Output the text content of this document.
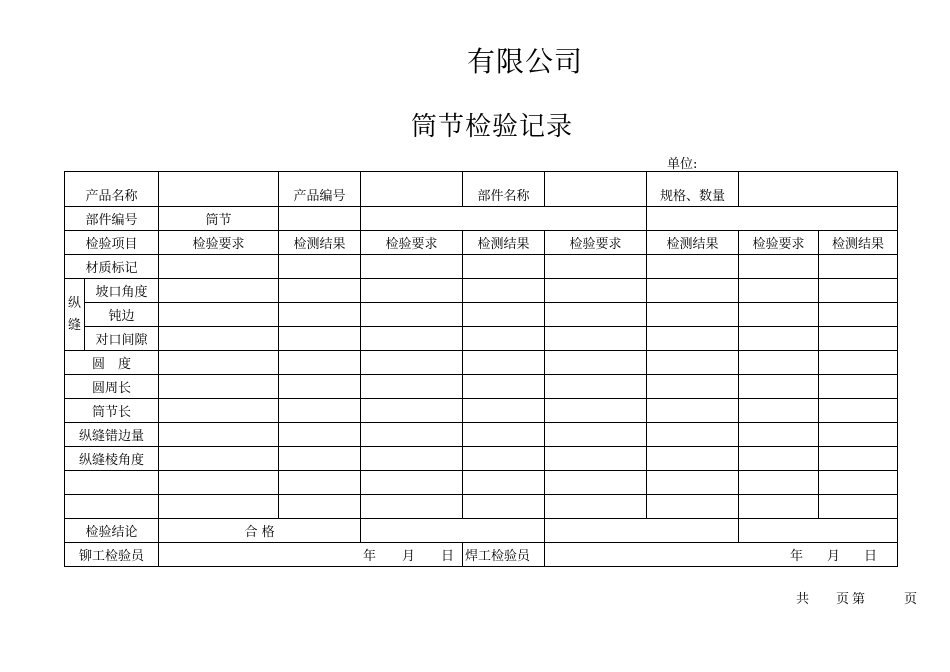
有限公司
筒节检验记录
单位:
产品名称			产品编号		部件名称		规格、数量		
部件编号		筒节							
检验项目		检验要求	检测结果	检验要求	检测结果	检验要求	检测结果	检验要求	检测结果
材质标记									

纵
缝	坡口角度								
	钝边								
	对口间隙								
圆　度									
圆周长									
筒节长									
纵缝错边量									
纵缝棱角度									

检验结论		合 格							
铆工检验员		年 月 日			焊工检验员	年 月 日			
共	页 第	页
